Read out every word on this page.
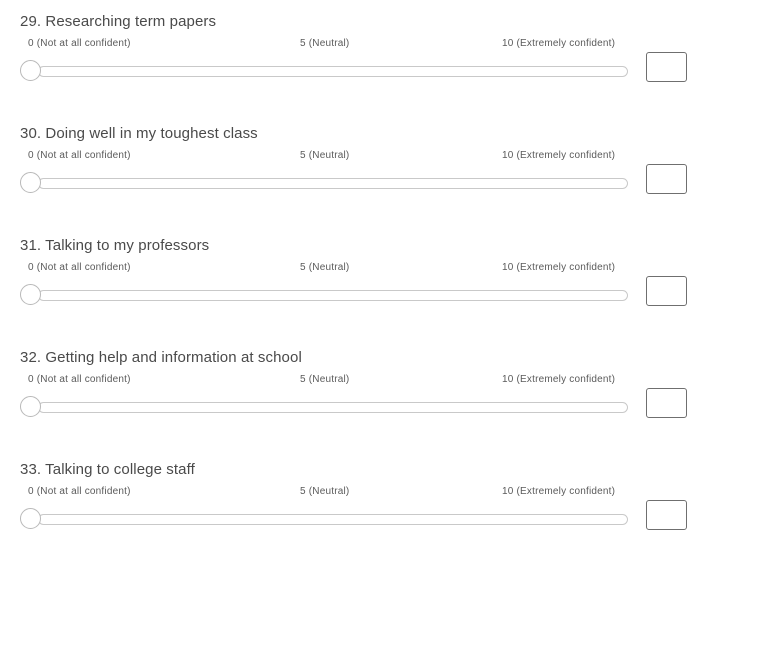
29. Researching term papers
0 (Not at all confident)	5 (Neutral)	10 (Extremely confident)
30. Doing well in my toughest class
0 (Not at all confident)	5 (Neutral)	10 (Extremely confident)
31. Talking to my professors
0 (Not at all confident)	5 (Neutral)	10 (Extremely confident)
32. Getting help and information at school
0 (Not at all confident)	5 (Neutral)	10 (Extremely confident)
33. Talking to college staff
0 (Not at all confident)	5 (Neutral)	10 (Extremely confident)
